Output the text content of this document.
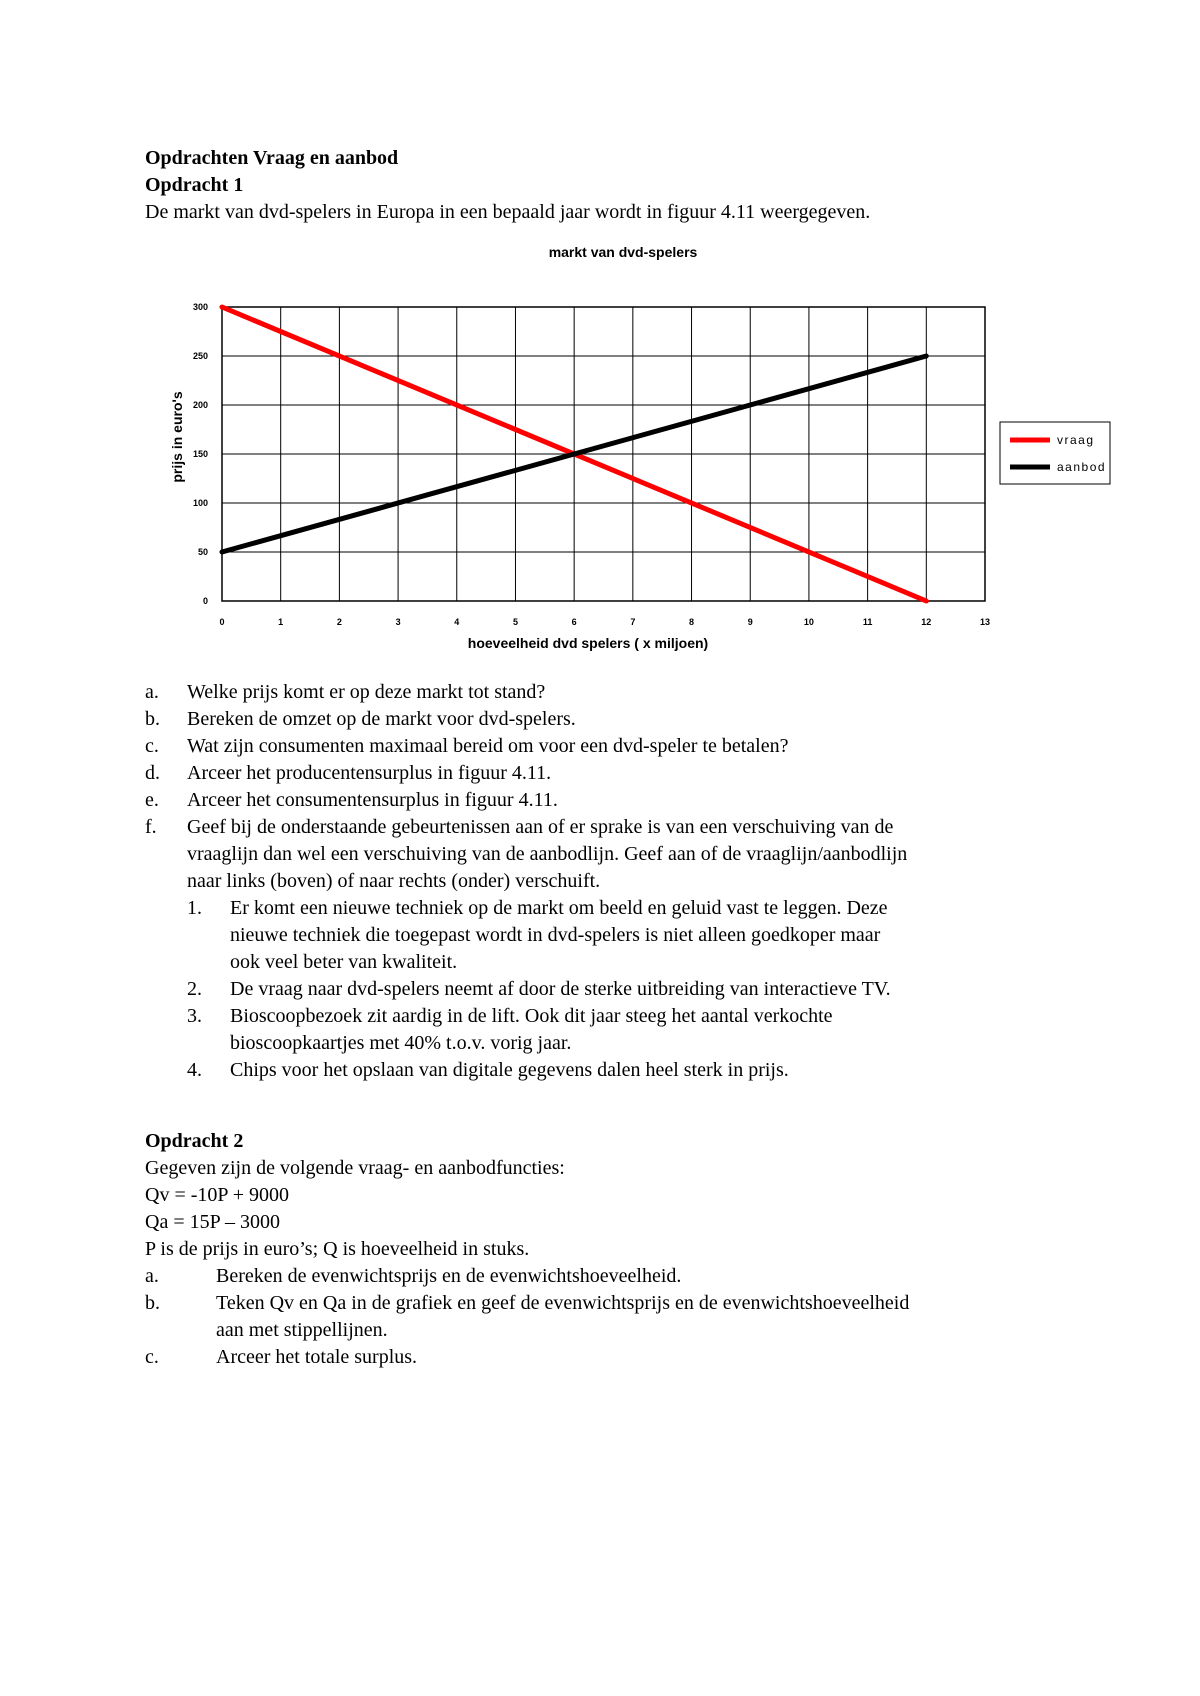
Opdrachten Vraag en aanbod
Opdracht 1
De markt van dvd-spelers in Europa in een bepaald jaar wordt in figuur 4.11 weergegeven.
markt van dvd-spelers
0	1	2	3	4	5	6	7	8	9	10	11	12	13
0
50
100
150
200
250
300
hoeveelheid dvd spelers ( x miljoen)
prijs in euro's	vraag
aanbod
a. Welke prijs komt er op deze markt tot stand?
b. Bereken de omzet op de markt voor dvd-spelers.
c. Wat zijn consumenten maximaal bereid om voor een dvd-speler te betalen?
d. Arceer het producentensurplus in figuur 4.11.
e. Arceer het consumentensurplus in figuur 4.11.
f. Geef bij de onderstaande gebeurtenissen aan of er sprake is van een verschuiving van de
vraaglijn dan wel een verschuiving van de aanbodlijn. Geef aan of de vraaglijn/aanbodlijn
naar links (boven) of naar rechts (onder) verschuift.
1. Er komt een nieuwe techniek op de markt om beeld en geluid vast te leggen. Deze
nieuwe techniek die toegepast wordt in dvd-spelers is niet alleen goedkoper maar
ook veel beter van kwaliteit.
2. De vraag naar dvd-spelers neemt af door de sterke uitbreiding van interactieve TV.
3. Bioscoopbezoek zit aardig in de lift. Ook dit jaar steeg het aantal verkochte
bioscoopkaartjes met 40% t.o.v. vorig jaar.
4. Chips voor het opslaan van digitale gegevens dalen heel sterk in prijs.
Opdracht 2
Gegeven zijn de volgende vraag- en aanbodfuncties:
Qv = -10P + 9000
Qa = 15P – 3000
P is de prijs in euro’s; Q is hoeveelheid in stuks.
a.	Bereken de evenwichtsprijs en de evenwichtshoeveelheid.
b.	Teken Qv en Qa in de grafiek en geef de evenwichtsprijs en de evenwichtshoeveelheid
aan met stippellijnen.
c.	Arceer het totale surplus.
